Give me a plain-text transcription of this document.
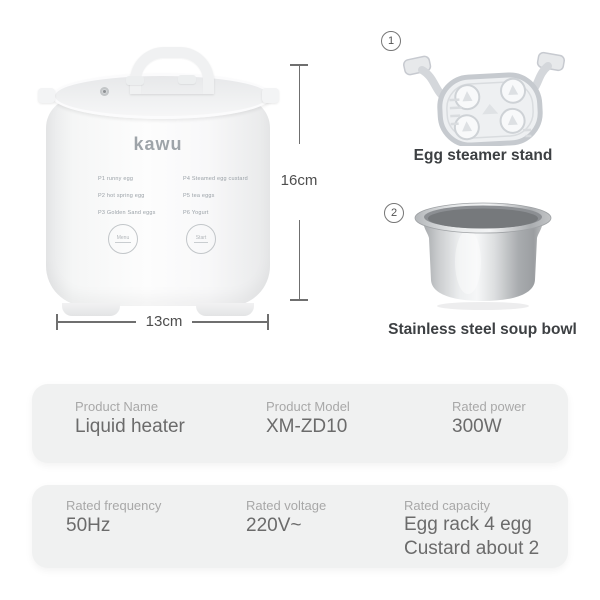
kawu
P1 runny egg
P2 hot spring egg
P3 Golden Sand eggs
P4 Steamed egg custard
P5 tea eggs
P6 Yogurt
Menu	Start
16cm
13cm
1
Egg steamer stand
2
Stainless steel soup bowl
Product Name
Liquid heater
Product Model
XM-ZD10
Rated power
300W
Rated frequency
50Hz
Rated voltage
220V~
Rated capacity
Egg rack 4 egg
Custard about 2
